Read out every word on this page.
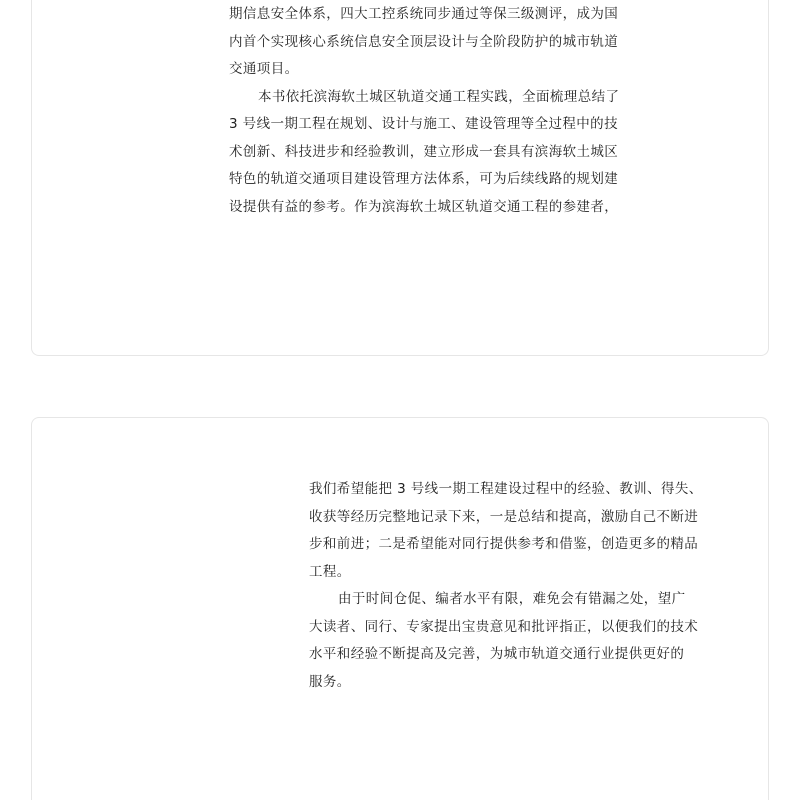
期信息安全体系，四大工控系统同步通过等保三级测评，成为国
内首个实现核心系统信息安全顶层设计与全阶段防护的城市轨道
交通项目。
本书依托滨海软土城区轨道交通工程实践，全面梳理总结了
3 号线一期工程在规划、设计与施工、建设管理等全过程中的技
术创新、科技进步和经验教训，建立形成一套具有滨海软土城区
特色的轨道交通项目建设管理方法体系，可为后续线路的规划建
设提供有益的参考。作为滨海软土城区轨道交通工程的参建者，
我们希望能把 3 号线一期工程建设过程中的经验、教训、得失、
收获等经历完整地记录下来，一是总结和提高，激励自己不断进
步和前进；二是希望能对同行提供参考和借鉴，创造更多的精品
工程。
由于时间仓促、编者水平有限，难免会有错漏之处，望广
大读者、同行、专家提出宝贵意见和批评指正，以便我们的技术
水平和经验不断提高及完善，为城市轨道交通行业提供更好的
服务。
